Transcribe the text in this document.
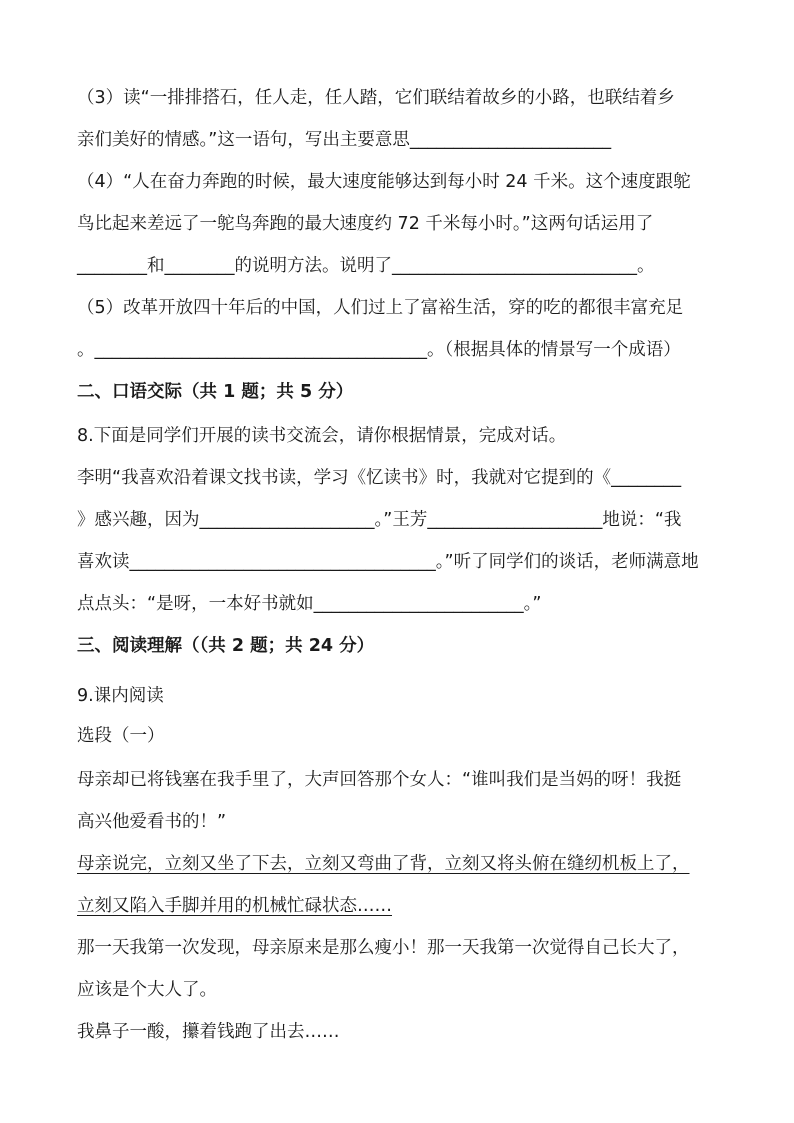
（3）读“一排排搭石，任人走，任人踏，它们联结着故乡的小路，也联结着乡
亲们美好的情感。”这一语句，写出主要意思_______________________
（4）“人在奋力奔跑的时候，最大速度能够达到每小时 24 千米。这个速度跟鸵
鸟比起来差远了一鸵鸟奔跑的最大速度约 72 千米每小时。”这两句话运用了
________和________的说明方法。说明了____________________________。
（5）改革开放四十年后的中国，人们过上了富裕生活，穿的吃的都很丰富充足
。______________________________________。（根据具体的情景写一个成语）
二、口语交际（共 1 题；共 5 分）
8.下面是同学们开展的读书交流会，请你根据情景，完成对话。
李明“我喜欢沿着课文找书读，学习《忆读书》时，我就对它提到的《________
》感兴趣，因为____________________。”王芳____________________地说：“我
喜欢读___________________________________。”听了同学们的谈话，老师满意地
点点头：“是呀，一本好书就如________________________。”
三、阅读理解（（共 2 题；共 24 分）
9.课内阅读
选段（一）
母亲却已将钱塞在我手里了，大声回答那个女人：“谁叫我们是当妈的呀！我挺
高兴他爱看书的！”
母亲说完，立刻又坐了下去，立刻又弯曲了背，立刻又将头俯在缝纫机板上了，
立刻又陷入手脚并用的机械忙碌状态……
那一天我第一次发现，母亲原来是那么瘦小！那一天我第一次觉得自己长大了，
应该是个大人了。
我鼻子一酸，攥着钱跑了出去……
